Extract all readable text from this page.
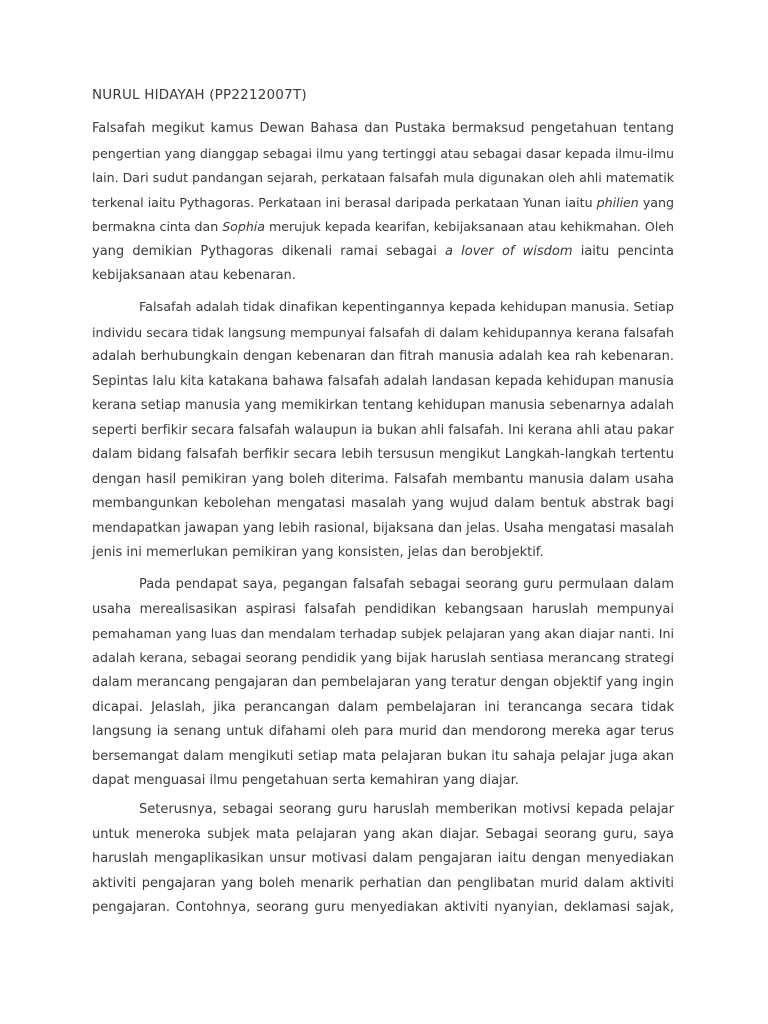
NURUL HIDAYAH (PP2212007T)
Falsafah megikut kamus Dewan Bahasa dan Pustaka bermaksud pengetahuan tentang
pengertian yang dianggap sebagai ilmu yang tertinggi atau sebagai dasar kepada ilmu-ilmu
lain. Dari sudut pandangan sejarah, perkataan falsafah mula digunakan oleh ahli matematik
terkenal iaitu Pythagoras. Perkataan ini berasal daripada perkataan Yunan iaitu philien yang
bermakna cinta dan Sophia merujuk kepada kearifan, kebijaksanaan atau kehikmahan. Oleh
yang demikian Pythagoras dikenali ramai sebagai a lover of wisdom iaitu pencinta
kebijaksanaan atau kebenaran.
Falsafah adalah tidak dinafikan kepentingannya kepada kehidupan manusia. Setiap
individu secara tidak langsung mempunyai falsafah di dalam kehidupannya kerana falsafah
adalah berhubungkain dengan kebenaran dan fitrah manusia adalah kea rah kebenaran.
Sepintas lalu kita katakana bahawa falsafah adalah landasan kepada kehidupan manusia
kerana setiap manusia yang memikirkan tentang kehidupan manusia sebenarnya adalah
seperti berfikir secara falsafah walaupun ia bukan ahli falsafah. Ini kerana ahli atau pakar
dalam bidang falsafah berfikir secara lebih tersusun mengikut Langkah-langkah tertentu
dengan hasil pemikiran yang boleh diterima. Falsafah membantu manusia dalam usaha
membangunkan kebolehan mengatasi masalah yang wujud dalam bentuk abstrak bagi
mendapatkan jawapan yang lebih rasional, bijaksana dan jelas. Usaha mengatasi masalah
jenis ini memerlukan pemikiran yang konsisten, jelas dan berobjektif.
Pada pendapat saya, pegangan falsafah sebagai seorang guru permulaan dalam
usaha merealisasikan aspirasi falsafah pendidikan kebangsaan haruslah mempunyai
pemahaman yang luas dan mendalam terhadap subjek pelajaran yang akan diajar nanti. Ini
adalah kerana, sebagai seorang pendidik yang bijak haruslah sentiasa merancang strategi
dalam merancang pengajaran dan pembelajaran yang teratur dengan objektif yang ingin
dicapai. Jelaslah, jika perancangan dalam pembelajaran ini terancanga secara tidak
langsung ia senang untuk difahami oleh para murid dan mendorong mereka agar terus
bersemangat dalam mengikuti setiap mata pelajaran bukan itu sahaja pelajar juga akan
dapat menguasai ilmu pengetahuan serta kemahiran yang diajar.
Seterusnya, sebagai seorang guru haruslah memberikan motivsi kepada pelajar
untuk meneroka subjek mata pelajaran yang akan diajar. Sebagai seorang guru, saya
haruslah mengaplikasikan unsur motivasi dalam pengajaran iaitu dengan menyediakan
aktiviti pengajaran yang boleh menarik perhatian dan penglibatan murid dalam aktiviti
pengajaran. Contohnya, seorang guru menyediakan aktiviti nyanyian, deklamasi sajak,
